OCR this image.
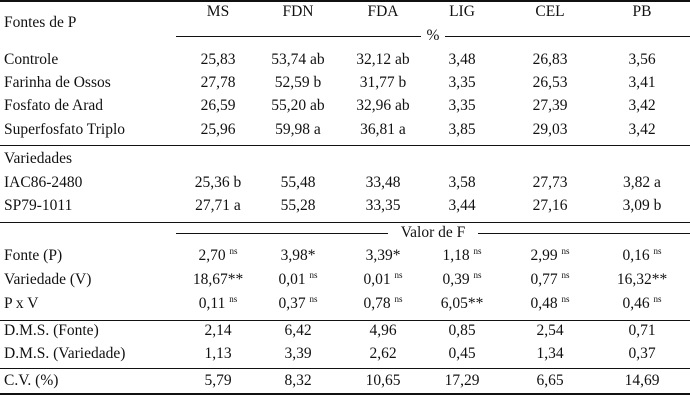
Fontes de P
MS	FDN	FDA	LIG	CEL	PB
%
Controle	25,83	53,74 ab	32,12 ab	3,48	26,83	3,56
Farinha de Ossos	27,78	52,59 b	31,77 b	3,35	26,53	3,41
Fosfato de Arad	26,59	55,20 ab	32,96 ab	3,35	27,39	3,42
Superfosfato Triplo	25,96	59,98 a	36,81 a	3,85	29,03	3,42
Variedades
IAC86-2480	25,36 b	55,48	33,48	3,58	27,73	3,82 a
SP79-1011	27,71 a	55,28	33,35	3,44	27,16	3,09 b
Valor de F
Fonte (P)	2,70 $^{ns}$	3,98*	3,39*	1,18 $^{ns}$	2,99 $^{ns}$	0,16 $^{ns}$
Variedade (V)	18,67**	0,01 $^{ns}$	0,01 $^{ns}$	0,39 $^{ns}$	0,77 $^{ns}$	16,32**
P x V	0,11 $^{ns}$	0,37 $^{ns}$	0,78 $^{ns}$	6,05**	0,48 $^{ns}$	0,46 $^{ns}$
D.M.S. (Fonte)	2,14	6,42	4,96	0,85	2,54	0,71
D.M.S. (Variedade)	1,13	3,39	2,62	0,45	1,34	0,37
C.V. (%)	5,79	8,32	10,65	17,29	6,65	14,69
